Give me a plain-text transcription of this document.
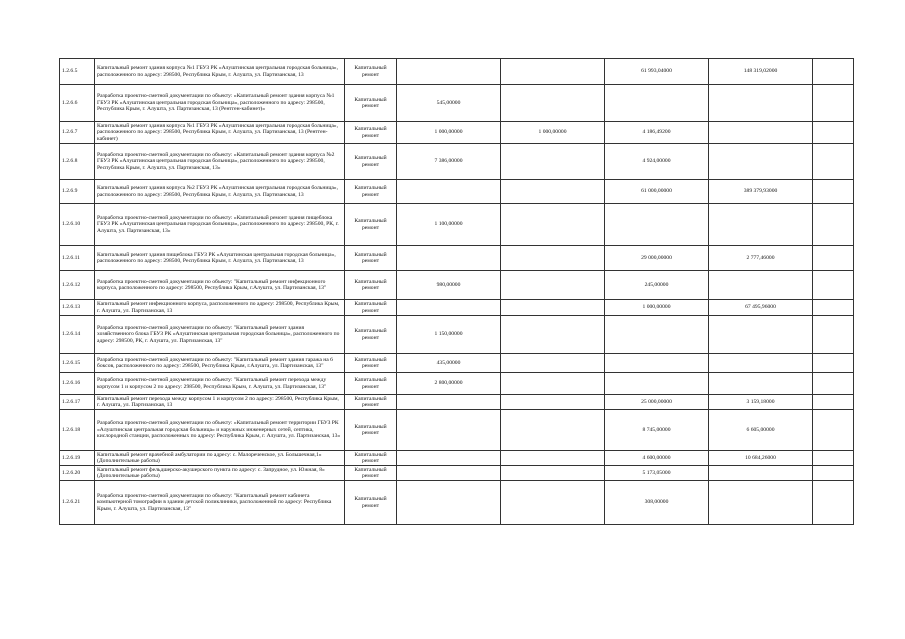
1.2.6.5	Капитальный ремонт здания корпуса №1 ГБУЗ РК «Алуштинская центральная городская больница», расположенного по адресу: 298500, Республика Крым, г. Алушта, ул. Партизанская, 13	Капитальный ремонт			61 993,04000	148 319,02000	
1.2.6.6	Разработка проектно-сметной документации по объекту: «Капитальный ремонт здания корпуса №1 ГБУЗ РК «Алуштинская центральная городская больница», расположенного по адресу: 298500, Республика Крым, г. Алушта, ул. Партизанская, 13 (Рентген-кабинет)»	Капитальный ремонт	545,00000				
1.2.6.7	Капитальный ремонт здания корпуса №1 ГБУЗ РК «Алуштинская центральная городская больница», расположенного по адресу: 298500, Республика Крым, г. Алушта, ул. Партизанская, 13 (Рентген-кабинет)	Капитальный ремонт	1 000,00000	1 000,00000	4 186,49200		
1.2.6.8	Разработка проектно-сметной документации по объекту: «Капитальный ремонт здания корпуса №2 ГБУЗ РК «Алуштинская центральная городская больница», расположенного по адресу: 298500, Республика Крым, г. Алушта, ул. Партизанская, 13»	Капитальный ремонт	7 386,00000		4 924,00000		
1.2.6.9	Капитальный ремонт здания корпуса №2 ГБУЗ РК «Алуштинская центральная городская больница», расположенного по адресу: 298500, Республика Крым, г. Алушта, ул. Партизанская, 13	Капитальный ремонт			61 000,00000	389 379,93000	
1.2.6.10	Разработка проектно-сметной документации по объекту: «Капитальный ремонт здания пищеблока ГБУЗ РК «Алуштинская центральная городская больница», расположенного по адресу: 298500, РК, г. Алушта, ул. Партизанская, 13»	Капитальный ремонт	1 100,00000				
1.2.6.11	Капитальный ремонт здания пищеблока ГБУЗ РК «Алуштинская центральная городская больница», расположенного по адресу: 298500, Республика Крым, г. Алушта, ул. Партизанская, 13	Капитальный ремонт			29 000,00000	2 777,46000	
1.2.6.12	Разработка проектно-сметной документации по объекту: "Капитальный ремонт инфекционного корпуса, расположенного по адресу: 298500, Республика Крым, г.Алушта, ул. Партизанская, 13"	Капитальный ремонт	980,00000		245,00000		
1.2.6.13	Капитальный ремонт инфекционного корпуса, расположенного по адресу: 298500, Республика Крым, г. Алушта, ул. Партизанская, 13	Капитальный ремонт			1 000,00000	67 495,96000	
1.2.6.14	Разработка проектно-сметной документации по объекту: "Капитальный ремонт здания хозяйственного блока ГБУЗ РК «Алуштинская центральная городская больница», расположенного по адресу: 298500, РК, г. Алушта, ул. Партизанская, 13"	Капитальный ремонт	1 150,00000				
1.2.6.15	Разработка проектно-сметной документации по объекту: "Капитальный ремонт здания гаража на 6 боксов, расположенного по адресу: 298500, Республика Крым, г.Алушта, ул. Партизанская, 13"	Капитальный ремонт	435,00000				
1.2.6.16	Разработка проектно-сметной документации по объекту: "Капитальный ремонт перехода между корпусом 1 и корпусом 2 по адресу: 298500, Республика Крым, г. Алушта, ул. Партизанская, 13"	Капитальный ремонт	2 800,00000				
1.2.6.17	Капитальный ремонт перехода между корпусом 1 и корпусом 2 по адресу: 298500, Республика Крым, г. Алушта, ул. Партизанская, 13	Капитальный ремонт			25 000,00000	3 159,18000	
1.2.6.18	Разработка проектно-сметной документации по объекту: «Капитальный ремонт территории ГБУЗ РК «Алуштинская центральная городская больница» и наружных инженерных сетей, септика, кислородной станции, расположенных по адресу: Республика Крым, г. Алушта, ул. Партизанская, 13»	Капитальный ремонт			8 745,00000	6 605,00000	
1.2.6.19	Капитальный ремонт врачебной амбулатории по адресу: с. Малореченское, ул. Большечная,1» (Дополнительные работы)	Капитальный ремонт			4 600,00000	10 684,26000	
1.2.6.20	Капитальный ремонт фельдшерско-акушерского пункта по адресу: с. Запрудное, ул. Южная, 8» (Дополнительные работы)	Капитальный ремонт			5 173,05000		
1.2.6.21	Разработка проектно-сметной документации по объекту: "Капитальный ремонт кабинета компьютерной томографии в здании детской поликлиники, расположенной по адресу: Республика Крым, г. Алушта, ул. Партизанская, 13"	Капитальный ремонт			308,00000		
